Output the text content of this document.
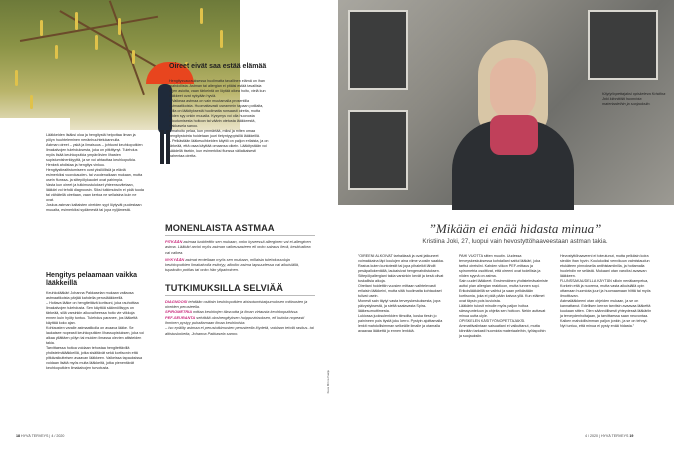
Kuva Minna Paalju
Lääkkeiden lisäksi oloa ja hengitystä helpottaa liman ja pölyn huuhteleminen nenänhuuhtelukannulla.
Astman oireet – yskä ja limaisuus – johtuvat keuhkoputkien limakalvojen tulehduksesta, joka on pitkittynyt. Tulehdus myös lisää keuhkoputkia ympäröivien lihasten supistumisherkkyyttä, ja se voi ahtauttaa keuhkoputkia. Henkeä ahdistaa ja hengitys vinkuu.
Hengitystiealtistumiseen ovat yksilöllisiä ja eläviä esimerkiksi vuorokauden- tai vuodenaikaan mukaan, mutta usein flunssa- ja siitepölykaudet ovat pahimpia.
Vasta kun oireet ja tutkimustulokset yhteensovitetaan, lääkäri voi tehdä diagnoosin. Siksi tutkimuksiin ei pidä tuoda tai vähätellä oireitaan, vaan kertoa ne sellaisina kuin ne ovat.
Joskus astman kaltaisten oireiden syyt löytyvät puolestaan muualta, esimerkiksi sydämestä tai jopa nyljämestä.
Hengitys pelaamaan vaikka lääkkeillä
Keuhkolääkäri Johanna Pakkaselan mukaan valtaosa astmaatikoista pärjää kahdella peruslääkkeellä.
– Hoitava lääke on hengitettävä kortisoni, joka rauhoittaa limakalvojen tulehdusta. Sen käyttöä säännöllisyys on tärkeää, sillä varsinkin alkuvaiheessa hoito vie viikkoja ennen kuin hyöty tuntuu. Tulehdus paranee, jos lääkettä käyttää koko ajan.
Kohtausten varalle astmaatikolla on avaava lääke. Se laukaisee nopeasti keuhkoputkien lihassupistuksen, joka voi alkaa yllättäen pölyn tai muiden ilmassa olevien altisteiden takia.
Tarvittaessa hoitoa voidaan tehostaa hengitettävillä yhdistelmälääkkeillä, jotka sisältävät sekä kortisonin että pitkävaikutteisen avaavan lääkkeen. Vaikeissa tapauksissa voidaan lisätä myös muita lääkkeitä, jotka pienentävät keuhkoputkien limakalvojen turvotusta.
Oireet eivät saa estää elämää
Hengitysvaurauksessa huolimatta tavallinen elämä on ihan mahdollista. Astman tai allergian ei pitäisi estää tavallisia arjen asioita, vaan tärkeintä on löytää oikea hoito, vielä kun lääkkeet ovat nykyään hyviä.
– Vaikeaa astmaa on vain muutamalla prosentilla astmaatikoista. Huomattavasti useammin tapaan potilaita, joilla on lääkityksestä huolimatta runsaasti oireita, mutta niiden syy onkin muualla. Kysymys voi olla huonosta sitoutumisesta hoitoon tai väärin otetusta lääkkeestä, Pakkasela sanoo.
Omahoito pelaa, kun ymmärtää, miksi ja miten omaa hengitystointa hoidetaan juuri tietyntyyppisillä lääkkeillä.
– Pelkästään lääkesuihkeiden käyttö on paljon erilaista, ja on tärkeää, että osaa käyttää omaansa oikein. Lääkitystään voi säädellä itsekin, kun esimerkiksi flunssa väliaikaisesti pahentaa oireita.
MONENLAISTA ASTMAA
PITKÄÄN astmaa luokiteltiin sen mukaan, onko kyseessä allerginen vai ei-allerginen astma. Lääkäri arvioi myös astman vaikeusasteen eli onko sairaus lievä, keskivaikea vai vaikea.
NYKYÄÄN astmat erotellaan myös sen mukaan, millaisia tulehdussoluja keuhkoputkien limakalvolla esiintyy, alkoiko astma lapsuudessa vai aikuisiällä, tupakoiko potilas tai onko hän ylipainoinen.
TUTKIMUKSILLA SELVIÄÄ
DIAGNOOSI tehdään osittain keuhkoputkien ahtautumistaipumuksen mittausten ja oireiden perusteella.
SPIROMETRIA mittaa keuhkojen tilavuutta ja ilman virtausta keuhkoputkissa.
PEF-SEURANTA selvittää uloshengityksen huippuvirtauksen, eli kuinka nopeasti ihminen pystyy puhaltamaan ilmaa keuhkoista.
– Iso epäilty astmaa ei perustutkimusten perusteella löydetä, voidaan tehdä rasitus- tai altistuskokeita, Johanna Pakkasela sanoo.
18 HYVÄ TERVEYS | 4 / 2020
Käytyöopettajaksi opiskeleva Kristiina Joki kiinnittää huomiota materiaaleihin ja suojauksiin.
”Mikään ei enää hidasta minua”
Kristiina Joki, 27, luopui vain hevostyttöhaaveestaan astman takia.
”OIREENI ALKOIVAT tarhaiässä ja ovat jatkuneet voimakkaina läpi koulujen aina viime vuosiin saakka. Rastus kuten kuntotestit tai jopa pihaleikit lähdit pesäpallokentällä, laukaisivat hengenahdistuksen. Siitepölyallergiani takia varsinkin kevät ja kesä olivat tuskallisia aikoja.
Oireitani hoidettiin vuosien mittaan vaihtelevasti erilaisin lääkkeini, mutta siitä huolimatta kohtaukset tulivat usein.
Monesti sain täytyi vasta terveyskeskuksesta, jopa päivystyksestä, ja sieltä saatavasta Spira-lääkesumuttimesta.
Lukiossa juoksulenkkien tiimoilta, koska tiesin jo painineen pois itystä joku kerro. Pystyin ajoittamalla lenkit mahdollisimman selkeälle ilmalle ja otamalla avaavaa lääkettä jo ennen lenkkiä.
PAHI VUOTTA sitten muutin. Uudessa terveyskeskuksessa kohdallani sattui lääkäri, joka tarttui oireisiini. Kahden viikon PEF-mittaus ja spirometria osoittivat, että oireeni ovat todellisia ja niiden syynä on astma.
Sain uudet lääkkeet. Ensimmäinen yhdistelmävalmiste auttoi pian allergian reaktioon, mutta tunnen sopi. Erikoislääkärillä se vaihtui ja saan pelkästään kortisonia, joka ei pidä pään kaivoa yllä. Kun eläimet ovat täysin pois kuvioista.
Lääkärin tulosit minulle myös paljon hoitoa särssyunteluun ja ohjeita sen hoitoon. Nekin auttavat minua uutta ulyle.
OPISKELEN KÄSITYÖNOPETTAJAKSI. Ammattivalintaan saisuatiani ei vaikuttanut, mutta kiinnitän tarkasti huomiota materiaaleihin, työtapoihin ja suojauksiin.
Hevostyttöhaaveeni ei toteutunut, mutta pelkäsin koira siedän ihan hyvin. Koulukoiksi venvikuun valmistaudun etukäteen pinnoksella antihistamiinilla, ja hoitamalla huolehdin ne selästä. Mukaani otan varoiksi avaavan lääkkeen.
FLUNSSAKAUDELLA KÄYTÄN silloin nenäkampelua, Korkein että ja nuorena, mutta vasta aikuisiällä opin ottamaan huomiota juuri ja huomaamaan hiittä tai myös ilmoittuvan.
Astmalääkkeeni otan ohjeiden mukaan, ja se on kannattanut. Edellisen kerran tarvitsin avaavaa lääkettä kuukaan sitten. Olen säännöllisesti yhteydessä lääkäriin ja terveydenhoitajaan, ja tarvittaessa saan neuvontaa.
Kaiken mahdollisimman paljon jonkin, ja se on tehnyt. Nyt tuntuu, että minua ei pysty enää hidasta.”
4 / 2020 | HYVÄ TERVEYS 19
